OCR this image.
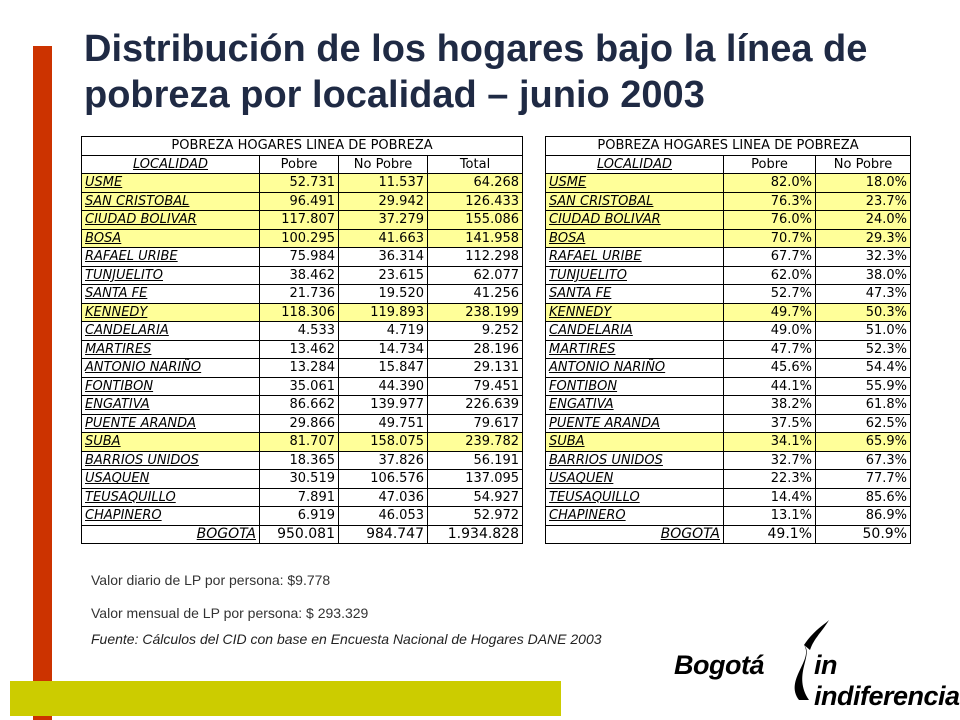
Distribución de los hogares bajo la línea de pobreza por localidad – junio 2003
POBREZA HOGARES LINEA DE POBREZA			
LOCALIDAD	Pobre	No Pobre	Total
USME	52.731	11.537	64.268
SAN CRISTOBAL	96.491	29.942	126.433
CIUDAD BOLIVAR	117.807	37.279	155.086
BOSA	100.295	41.663	141.958
RAFAEL URIBE	75.984	36.314	112.298
TUNJUELITO	38.462	23.615	62.077
SANTA FE	21.736	19.520	41.256
KENNEDY	118.306	119.893	238.199
CANDELARIA	4.533	4.719	9.252
MARTIRES	13.462	14.734	28.196
ANTONIO NARIÑO	13.284	15.847	29.131
FONTIBON	35.061	44.390	79.451
ENGATIVA	86.662	139.977	226.639
PUENTE ARANDA	29.866	49.751	79.617
SUBA	81.707	158.075	239.782
BARRIOS UNIDOS	18.365	37.826	56.191
USAQUEN	30.519	106.576	137.095
TEUSAQUILLO	7.891	47.036	54.927
CHAPINERO	6.919	46.053	52.972
BOGOTA	950.081	984.747	1.934.828
POBREZA HOGARES LINEA DE POBREZA		
LOCALIDAD	Pobre	No Pobre
USME	82.0%	18.0%
SAN CRISTOBAL	76.3%	23.7%
CIUDAD BOLIVAR	76.0%	24.0%
BOSA	70.7%	29.3%
RAFAEL URIBE	67.7%	32.3%
TUNJUELITO	62.0%	38.0%
SANTA FE	52.7%	47.3%
KENNEDY	49.7%	50.3%
CANDELARIA	49.0%	51.0%
MARTIRES	47.7%	52.3%
ANTONIO NARIÑO	45.6%	54.4%
FONTIBON	44.1%	55.9%
ENGATIVA	38.2%	61.8%
PUENTE ARANDA	37.5%	62.5%
SUBA	34.1%	65.9%
BARRIOS UNIDOS	32.7%	67.3%
USAQUEN	22.3%	77.7%
TEUSAQUILLO	14.4%	85.6%
CHAPINERO	13.1%	86.9%
BOGOTA	49.1%	50.9%
Valor diario de LP por persona: $9.778
Valor mensual de LP por persona: $ 293.329
Fuente: Cálculos del CID con base en Encuesta Nacional de Hogares DANE 2003
Bogotá in indiferencia
